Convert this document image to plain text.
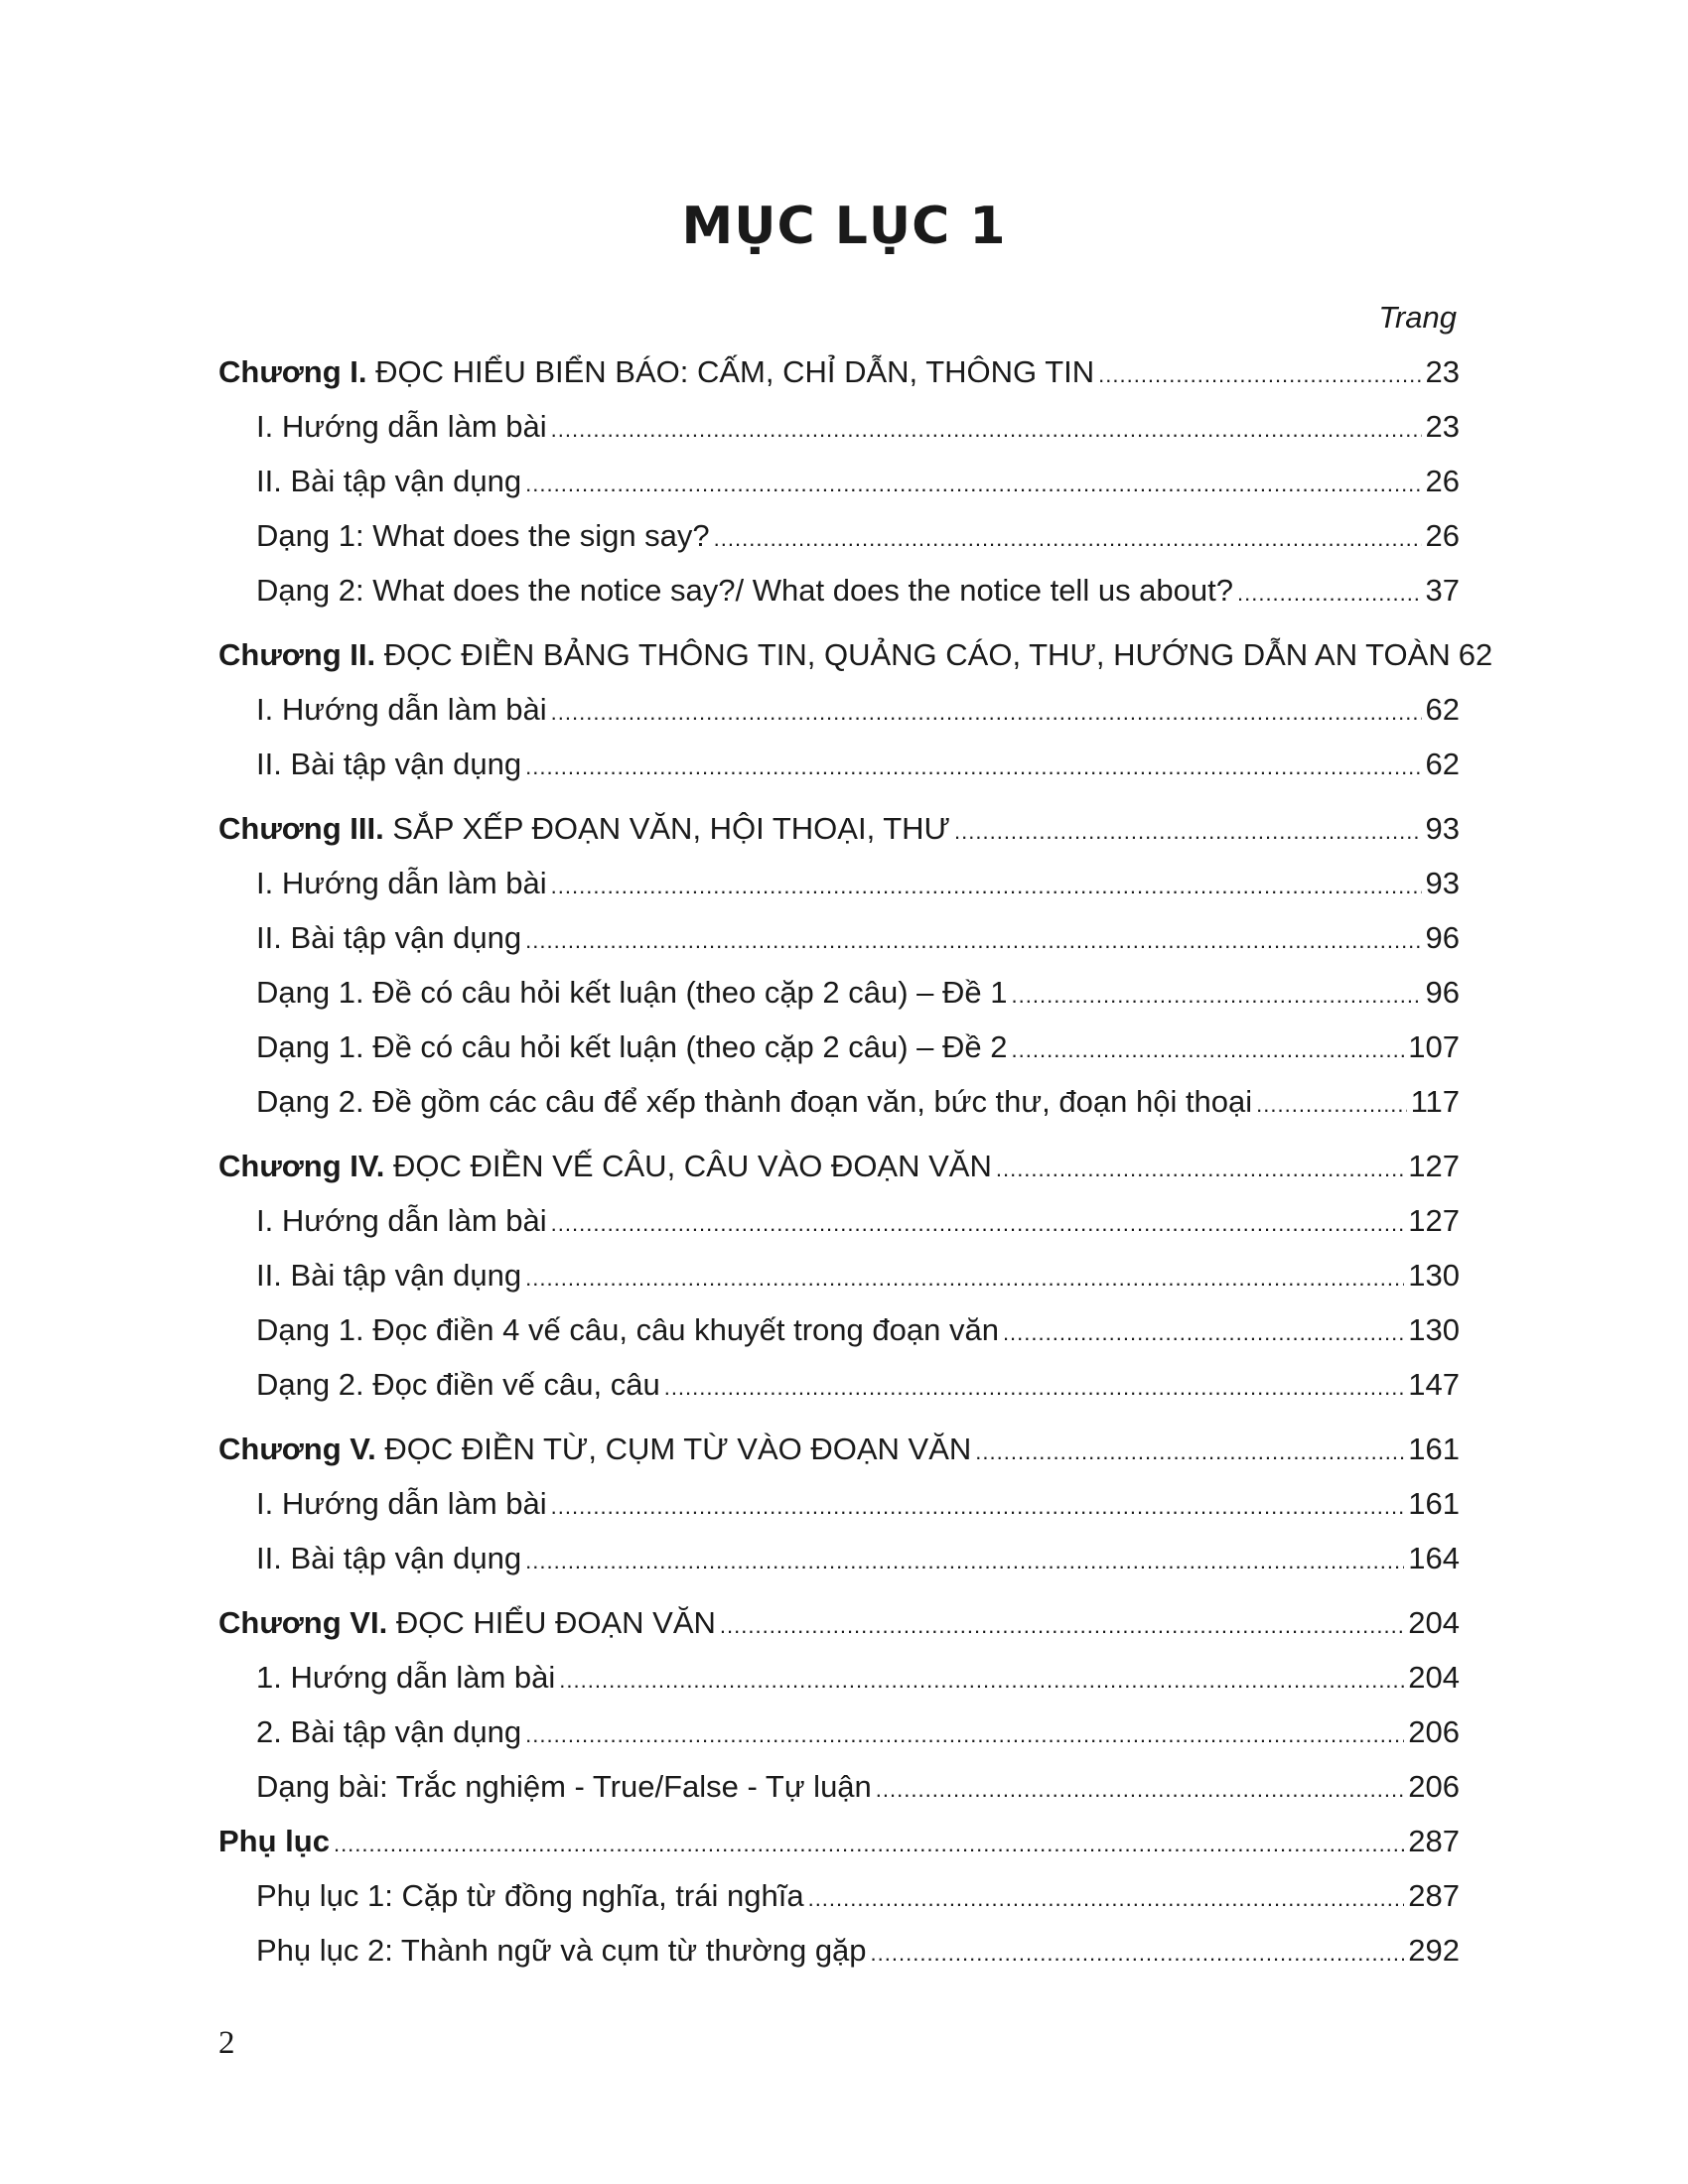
MỤC LỤC 1
Trang
Chương I. ĐỌC HIỂU BIỂN BÁO: CẤM, CHỈ DẪN, THÔNG TIN .....	23
I. Hướng dẫn làm bài .....	23
II. Bài tập vận dụng .....	26
Dạng 1: What does the sign say? .....	26
Dạng 2: What does the notice say?/ What does the notice tell us about? .....	37
Chương II. ĐỌC ĐIỀN BẢNG THÔNG TIN, QUẢNG CÁO, THƯ, HƯỚNG DẪN AN TOÀN 62
I. Hướng dẫn làm bài .....	62
II. Bài tập vận dụng .....	62
Chương III. SẮP XẾP ĐOẠN VĂN, HỘI THOẠI, THƯ .....	93
I. Hướng dẫn làm bài .....	93
II. Bài tập vận dụng .....	96
Dạng 1. Đề có câu hỏi kết luận (theo cặp 2 câu) – Đề 1 .....	96
Dạng 1. Đề có câu hỏi kết luận (theo cặp 2 câu) – Đề 2 .....	107
Dạng 2. Đề gồm các câu để xếp thành đoạn văn, bức thư, đoạn hội thoại .....	117
Chương IV. ĐỌC ĐIỀN VẾ CÂU, CÂU VÀO ĐOẠN VĂN .....	127
I. Hướng dẫn làm bài .....	127
II. Bài tập vận dụng .....	130
Dạng 1. Đọc điền 4 vế câu, câu khuyết trong đoạn văn .....	130
Dạng 2. Đọc điền vế câu, câu .....	147
Chương V. ĐỌC ĐIỀN TỪ, CỤM TỪ VÀO ĐOẠN VĂN .....	161
I. Hướng dẫn làm bài .....	161
II. Bài tập vận dụng .....	164
Chương VI. ĐỌC HIỂU ĐOẠN VĂN .....	204
1. Hướng dẫn làm bài .....	204
2. Bài tập vận dụng .....	206
Dạng bài: Trắc nghiệm - True/False - Tự luận .....	206
Phụ lục .....	287
Phụ lục 1: Cặp từ đồng nghĩa, trái nghĩa .....	287
Phụ lục 2: Thành ngữ và cụm từ thường gặp .....	292
2
